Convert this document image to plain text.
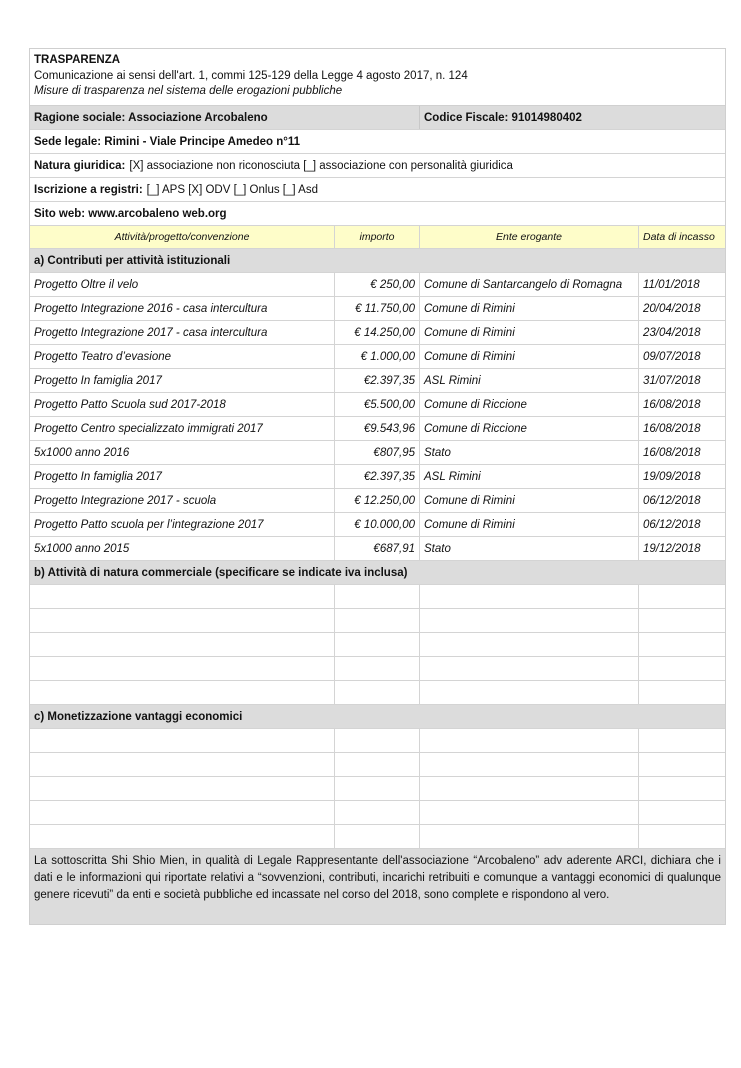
TRASPARENZA
Comunicazione ai sensi dell'art. 1, commi 125-129 della Legge 4 agosto 2017, n. 124
Misure di trasparenza nel sistema delle erogazioni pubbliche
Ragione sociale: Associazione Arcobaleno	Codice Fiscale: 91014980402
Sede legale: Rimini - Viale Principe Amedeo n°11
Natura giuridica: [X] associazione non riconosciuta [_] associazione con personalità giuridica
Iscrizione a registri: [_] APS [X] ODV [_] Onlus [_] Asd
Sito web: www.arcobaleno web.org
Attività/progetto/convenzione	importo	Ente erogante	Data di incasso
a) Contributi per attività istituzionali
Progetto Oltre il velo	€ 250,00 Comune di Santarcangelo di Romagna	11/01/2018
Progetto Integrazione 2016 - casa intercultura	€ 11.750,00 Comune di Rimini	20/04/2018
Progetto Integrazione 2017 - casa intercultura	€ 14.250,00 Comune di Rimini	23/04/2018
Progetto Teatro d’evasione	€ 1.000,00 Comune di Rimini	09/07/2018
Progetto In famiglia 2017	€2.397,35 ASL Rimini	31/07/2018
Progetto Patto Scuola sud 2017-2018	€5.500,00 Comune di Riccione	16/08/2018
Progetto Centro specializzato immigrati 2017	€9.543,96 Comune di Riccione	16/08/2018
5x1000 anno 2016	€807,95 Stato	16/08/2018
Progetto In famiglia 2017	€2.397,35 ASL Rimini	19/09/2018
Progetto Integrazione 2017 - scuola	€ 12.250,00 Comune di Rimini	06/12/2018
Progetto Patto scuola per l’integrazione 2017	€ 10.000,00 Comune di Rimini	06/12/2018
5x1000 anno 2015	€687,91 Stato	19/12/2018
b) Attività di natura commerciale (specificare se indicate iva inclusa)
c) Monetizzazione vantaggi economici
La sottoscritta Shi Shio Mien, in qualità di Legale Rappresentante dell'associazione “Arcobaleno” adv aderente ARCI, dichiara che i dati e le informazioni qui riportate relativi a “sovvenzioni, contributi, incarichi retribuiti e comunque a vantaggi economici di qualunque genere ricevuti” da enti e società pubbliche ed incassate nel corso del 2018, sono complete e rispondono al vero.
